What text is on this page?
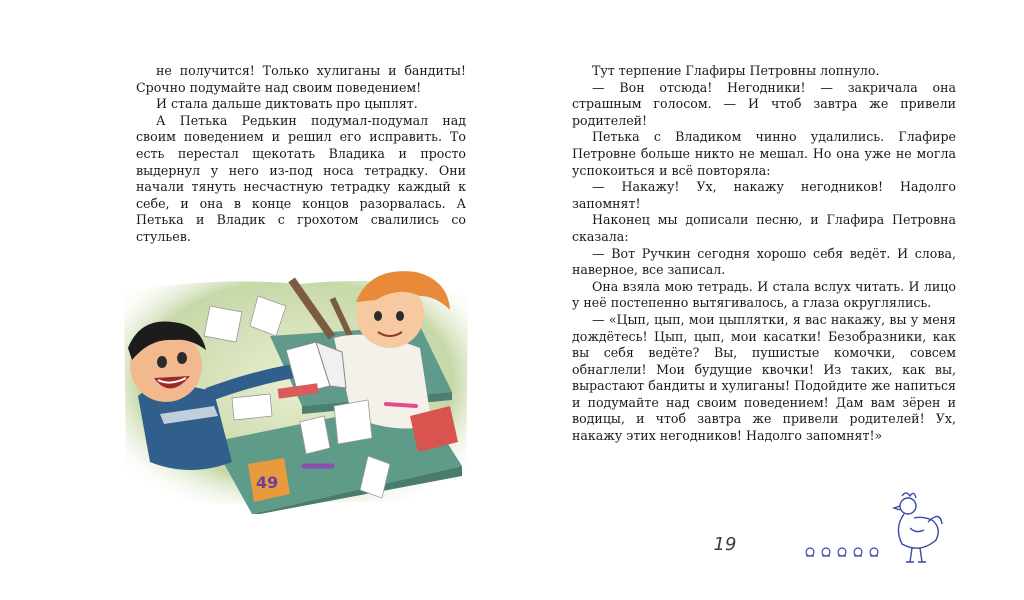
не получится! Только хулиганы и бандиты! Срочно подумайте над своим поведением!

И стала дальше диктовать про цыплят.

А Петька Редькин подумал-подумал над своим поведением и решил его исправить. То есть перестал щекотать Владика и просто выдернул у него из-под носа тетрадку. Они начали тянуть несчастную тетрадку каждый к себе, и она в конце концов разорвалась. А Петька и Владик с грохотом свалились со стульев.

49

Тут терпение Глафиры Петровны лопнуло.

— Вон отсюда! Негодники! — закричала она страшным голосом. — И чтоб завтра же привели родителей!

Петька с Владиком чинно удалились. Глафире Петровне больше никто не мешал. Но она уже не могла успокоиться и всё повторяла:

— Накажу! Ух, накажу негодников! Надолго запомнят!

Наконец мы дописали песню, и Глафира Петровна сказала:

— Вот Ручкин сегодня хорошо себя ведёт. И слова, наверное, все записал.

Она взяла мою тетрадь. И стала вслух читать. И лицо у неё постепенно вытягивалось, а глаза округлялись.

— «Цып, цып, мои цыплятки, я вас накажу, вы у меня дождётесь! Цып, цып, мои касатки! Безобразники, как вы себя ведёте? Вы, пушистые комочки, совсем обнаглели! Мои будущие квочки! Из таких, как вы, вырастают бандиты и хулиганы! Подойдите же напиться и подумайте над своим поведением! Дам вам зёрен и водицы, и чтоб завтра же привели родителей! Ух, накажу этих негодников! Надолго запомнят!»

19
